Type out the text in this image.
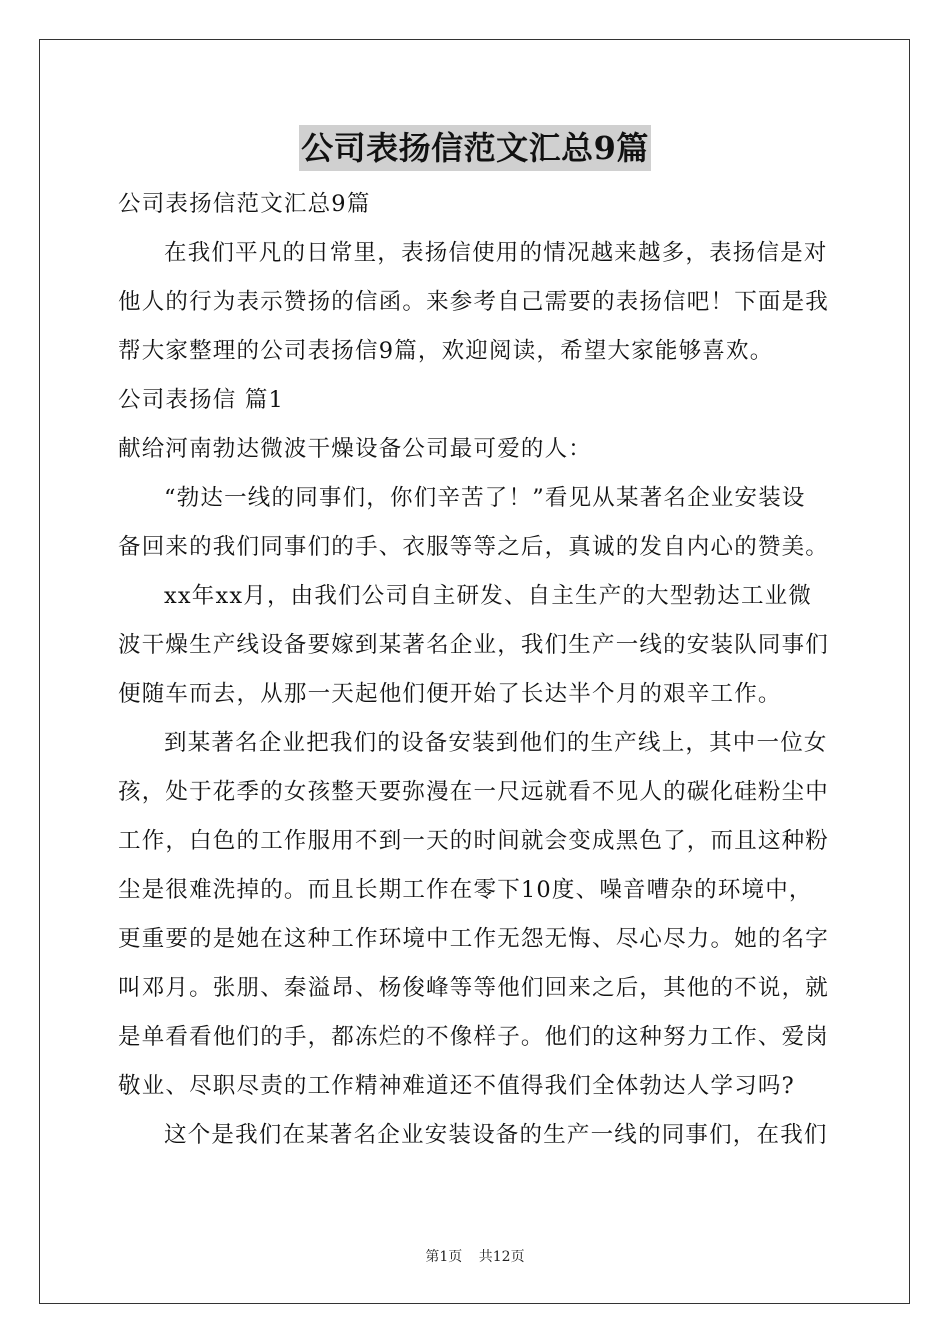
公司表扬信范文汇总9篇
公司表扬信范文汇总9篇
在我们平凡的日常里，表扬信使用的情况越来越多，表扬信是对
他人的行为表示赞扬的信函。来参考自己需要的表扬信吧！下面是我
帮大家整理的公司表扬信9篇，欢迎阅读，希望大家能够喜欢。
公司表扬信 篇1
献给河南勃达微波干燥设备公司最可爱的人：
“勃达一线的同事们，你们辛苦了！”看见从某著名企业安装设
备回来的我们同事们的手、衣服等等之后，真诚的发自内心的赞美。
xx年xx月，由我们公司自主研发、自主生产的大型勃达工业微
波干燥生产线设备要嫁到某著名企业，我们生产一线的安装队同事们
便随车而去，从那一天起他们便开始了长达半个月的艰辛工作。
到某著名企业把我们的设备安装到他们的生产线上，其中一位女
孩，处于花季的女孩整天要弥漫在一尺远就看不见人的碳化硅粉尘中
工作，白色的工作服用不到一天的时间就会变成黑色了，而且这种粉
尘是很难洗掉的。而且长期工作在零下10度、噪音嘈杂的环境中，
更重要的是她在这种工作环境中工作无怨无悔、尽心尽力。她的名字
叫邓月。张朋、秦溢昂、杨俊峰等等他们回来之后，其他的不说，就
是单看看他们的手，都冻烂的不像样子。他们的这种努力工作、爱岗
敬业、尽职尽责的工作精神难道还不值得我们全体勃达人学习吗?
这个是我们在某著名企业安装设备的生产一线的同事们，在我们
第1页 共12页
